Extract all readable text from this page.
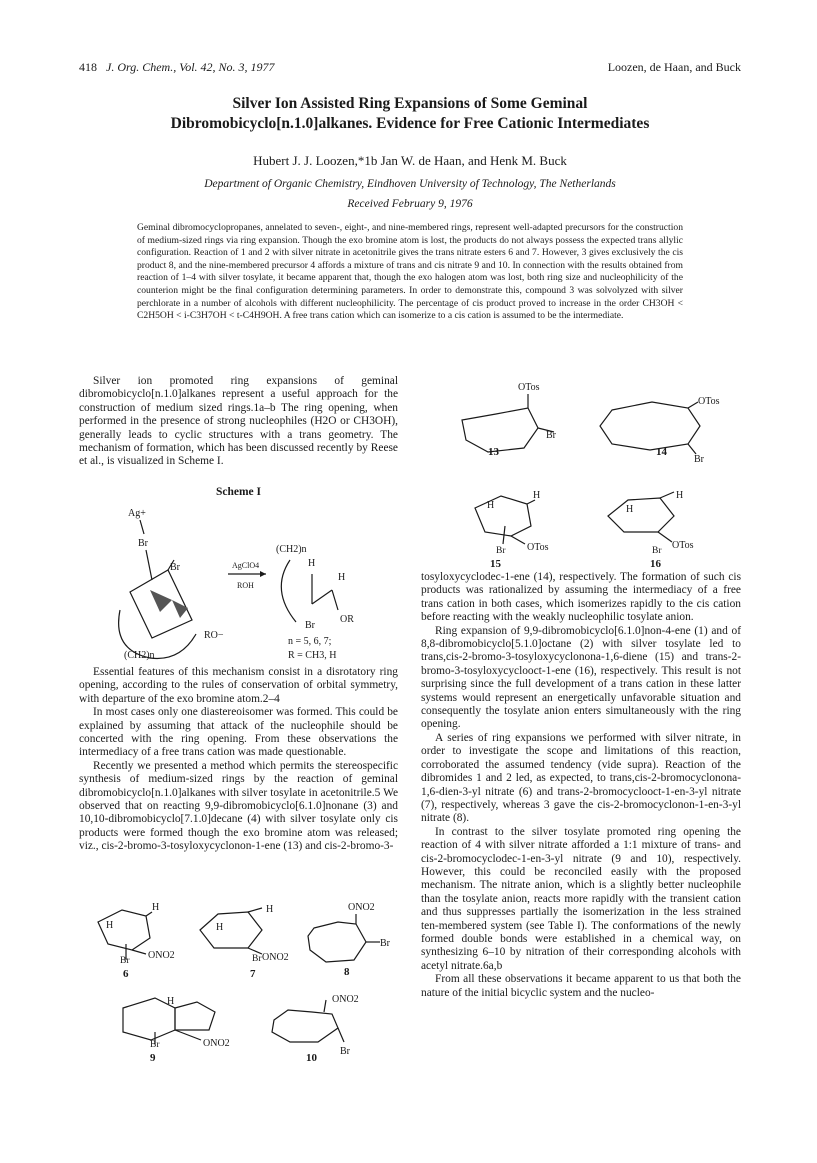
418 J. Org. Chem., Vol. 42, No. 3, 1977	Loozen, de Haan, and Buck
Silver Ion Assisted Ring Expansions of Some Geminal
Dibromobicyclo[n.1.0]alkanes. Evidence for Free Cationic Intermediates
Hubert J. J. Loozen,*1b Jan W. de Haan, and Henk M. Buck
Department of Organic Chemistry, Eindhoven University of Technology, The Netherlands
Received February 9, 1976
Geminal dibromocyclopropanes, annelated to seven-, eight-, and nine-membered rings, represent well-adapted precursors for the construction of medium-sized rings via ring expansion. Though the exo bromine atom is lost, the products do not always possess the expected trans allylic configuration. Reaction of 1 and 2 with silver nitrate in acetonitrile gives the trans nitrate esters 6 and 7. However, 3 gives exclusively the cis product 8, and the nine-membered precursor 4 affords a mixture of trans and cis nitrate 9 and 10. In connection with the results obtained from reaction of 1–4 with silver tosylate, it became apparent that, though the exo halogen atom was lost, both ring size and nucleophilicity of the counterion might be the final configuration determining parameters. In order to demonstrate this, compound 3 was solvolyzed with silver perchlorate in a number of alcohols with different nucleophilicity. The percentage of cis product proved to increase in the order CH3OH < C2H5OH < i-C3H7OH < t-C4H9OH. A free trans cation which can isomerize to a cis cation is assumed to be the intermediate.

Silver ion promoted ring expansions of geminal dibromobicyclo[n.1.0]alkanes represent a useful approach for the construction of medium sized rings.1a–b The ring opening, when performed in the presence of strong nucleophiles (H2O or CH3OH), generally leads to cyclic structures with a trans geometry. The mechanism of formation, which has been discussed recently by Reese et al., is visualized in Scheme I.

Scheme I
Ag+
Br
Br
RO−
(CH2)n
AgClO4
ROH
(CH2)n
H
H
OR
Br
n = 5, 6, 7;
R = CH3, H

Essential features of this mechanism consist in a disrotatory ring opening, according to the rules of conservation of orbital symmetry, with departure of the exo bromine atom.2–4

In most cases only one diastereoisomer was formed. This could be explained by assuming that attack of the nucleophile should be concerted with the ring opening. From these observations the intermediacy of a free trans cation was made questionable.

Recently we presented a method which permits the stereospecific synthesis of medium-sized rings by the reaction of geminal dibromobicyclo[n.1.0]alkanes with silver tosylate in acetonitrile.5 We observed that on reacting 9,9-dibromobicyclo[6.1.0]nonane (3) and 10,10-dibromobicyclo[7.1.0]decane (4) with silver tosylate only cis products were formed though the exo bromine atom was released; viz., cis-2-bromo-3-tosyloxycyclonon-1-ene (13) and cis-2-bromo-3-

OTos
Br
13
OTos
Br
14
H
H
OTos
Br
15
H
H
OTos
Br
16

tosyloxycyclodec-1-ene (14), respectively. The formation of such cis products was rationalized by assuming the intermediacy of a free trans cation in both cases, which isomerizes rapidly to the cis cation before reacting with the weakly nucleophilic tosylate anion.

Ring expansion of 9,9-dibromobicyclo[6.1.0]non-4-ene (1) and of 8,8-dibromobicyclo[5.1.0]octane (2) with silver tosylate led to trans,cis-2-bromo-3-tosyloxycyclonona-1,6-diene (15) and trans-2-bromo-3-tosyloxycyclooct-1-ene (16), respectively. This result is not surprising since the full development of a trans cation in these latter systems would represent an energetically unfavorable situation and consequently the tosylate anion enters simultaneously with the ring opening.

A series of ring expansions we performed with silver nitrate, in order to investigate the scope and limitations of this reaction, corroborated the assumed tendency (vide supra). Reaction of the dibromides 1 and 2 led, as expected, to trans,cis-2-bromocyclonona-1,6-dien-3-yl nitrate (6) and trans-2-bromocyclooct-1-en-3-yl nitrate (7), respectively, whereas 3 gave the cis-2-bromocyclonon-1-en-3-yl nitrate (8).

In contrast to the silver tosylate promoted ring opening the reaction of 4 with silver nitrate afforded a 1:1 mixture of trans- and cis-2-bromocyclodec-1-en-3-yl nitrate (9 and 10), respectively. However, this could be reconciled easily with the proposed mechanism. The nitrate anion, which is a slightly better nucleophile than the tosylate anion, reacts more rapidly with the transient cation and thus suppresses partially the isomerization in the less strained ten-membered system (see Table I). The conformations of the newly formed double bonds were established in a chemical way, on synthesizing 6–10 by nitration of their corresponding alcohols with acetyl nitrate.6a,b

From all these observations it became apparent to us that both the nature of the initial bicyclic system and the nucleo-

H
H
ONO2
Br
6
H
H
ONO2
Br
7
ONO2
Br
8
H
ONO2
Br
9
ONO2
Br
10
